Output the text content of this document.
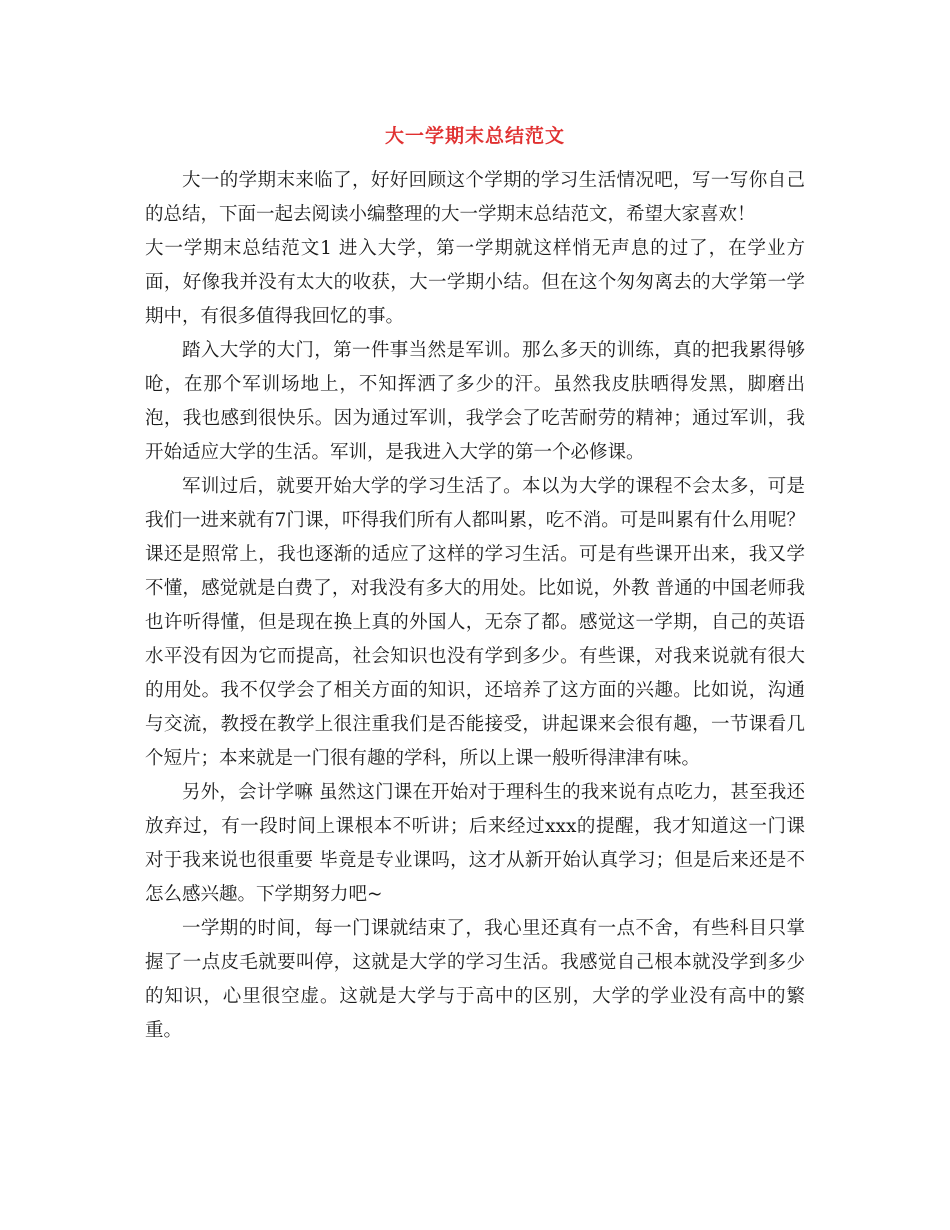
大一学期末总结范文

大一的学期末来临了，好好回顾这个学期的学习生活情况吧，写一写你自己的总结，下面一起去阅读小编整理的大一学期末总结范文，希望大家喜欢！

大一学期末总结范文1 进入大学，第一学期就这样悄无声息的过了，在学业方面，好像我并没有太大的收获，大一学期小结。但在这个匆匆离去的大学第一学期中，有很多值得我回忆的事。

踏入大学的大门，第一件事当然是军训。那么多天的训练，真的把我累得够呛，在那个军训场地上，不知挥洒了多少的汗。虽然我皮肤晒得发黑，脚磨出泡，我也感到很快乐。因为通过军训，我学会了吃苦耐劳的精神；通过军训，我开始适应大学的生活。军训，是我进入大学的第一个必修课。

军训过后，就要开始大学的学习生活了。本以为大学的课程不会太多，可是我们一进来就有7门课，吓得我们所有人都叫累，吃不消。可是叫累有什么用呢？课还是照常上，我也逐渐的适应了这样的学习生活。可是有些课开出来，我又学不懂，感觉就是白费了，对我没有多大的用处。比如说，外教 普通的中国老师我也许听得懂，但是现在换上真的外国人，无奈了都。感觉这一学期，自己的英语水平没有因为它而提高，社会知识也没有学到多少。有些课，对我来说就有很大的用处。我不仅学会了相关方面的知识，还培养了这方面的兴趣。比如说，沟通与交流，教授在教学上很注重我们是否能接受，讲起课来会很有趣，一节课看几个短片；本来就是一门很有趣的学科，所以上课一般听得津津有味。

另外，会计学嘛 虽然这门课在开始对于理科生的我来说有点吃力，甚至我还放弃过，有一段时间上课根本不听讲；后来经过xxx的提醒，我才知道这一门课对于我来说也很重要 毕竟是专业课吗，这才从新开始认真学习；但是后来还是不怎么感兴趣。下学期努力吧~

一学期的时间，每一门课就结束了，我心里还真有一点不舍，有些科目只掌握了一点皮毛就要叫停，这就是大学的学习生活。我感觉自己根本就没学到多少的知识，心里很空虚。这就是大学与于高中的区别，大学的学业没有高中的繁重。
